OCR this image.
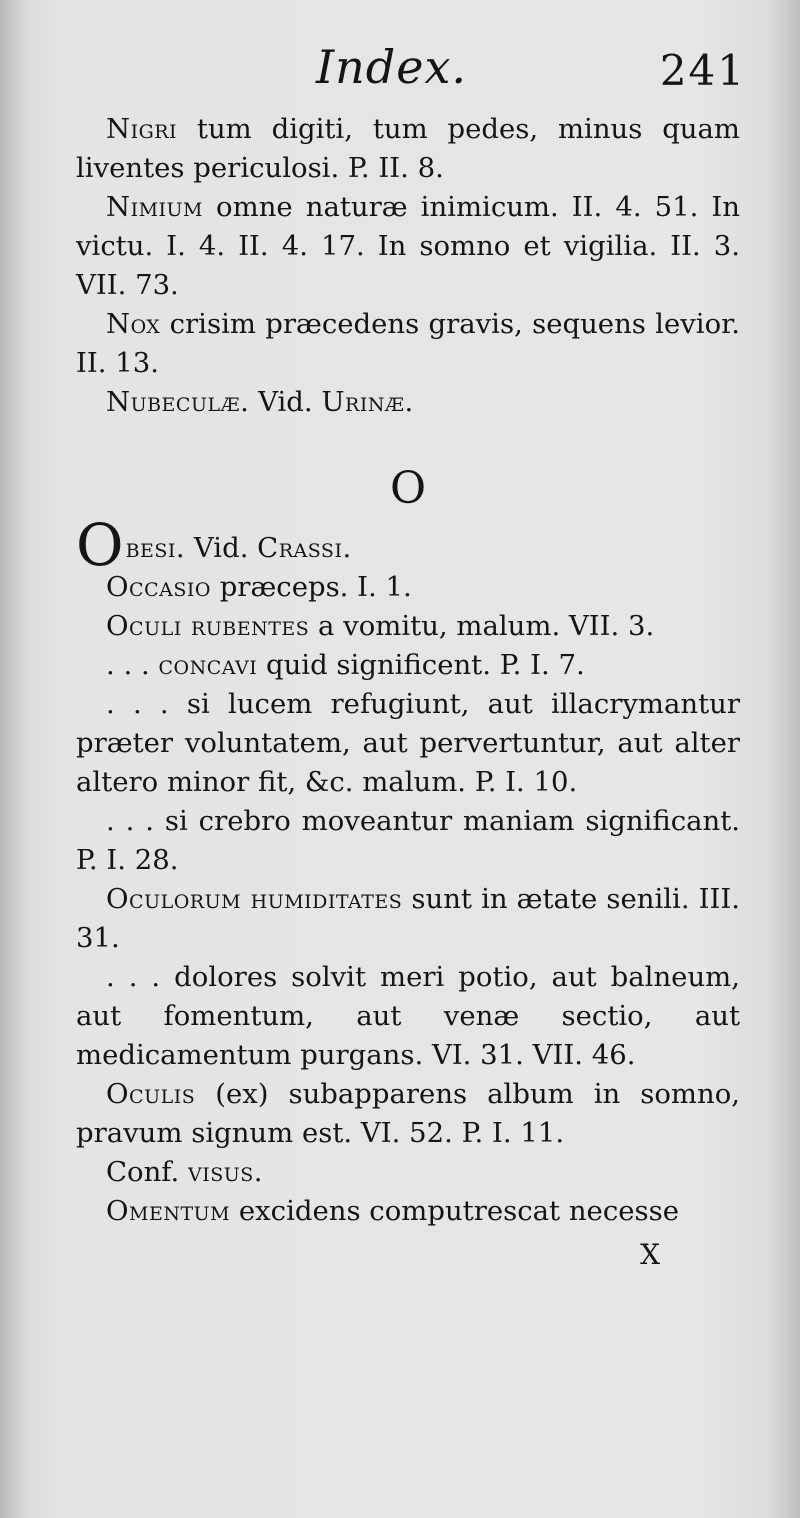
Index.	241

Nigri tum digiti, tum pedes, minus quam liventes periculosi. P. II. 8.

Nimium omne naturæ inimicum. II. 4. 51. In victu. I. 4. II. 4. 17. In somno et vigilia. II. 3. VII. 73.

Nox crisim præcedens gravis, sequens levior. II. 13.

Nubeculæ. Vid. Urinæ.

O

Obesi. Vid. Crassi.

Occasio præceps. I. 1.

Oculi rubentes a vomitu, malum. VII. 3.

. . . concavi quid significent. P. I. 7.

. . . si lucem refugiunt, aut illacrymantur præter voluntatem, aut pervertuntur, aut alter altero minor fit, &c. malum. P. I. 10.

. . . si crebro moveantur maniam significant. P. I. 28.

Oculorum humiditates sunt in ætate senili. III. 31.

. . . dolores solvit meri potio, aut balneum, aut fomentum, aut venæ sectio, aut medicamentum purgans. VI. 31. VII. 46.

Oculis (ex) subapparens album in somno, pravum signum est. VI. 52. P. I. 11.

Conf. visus.

Omentum excidens computrescat necesse

X
